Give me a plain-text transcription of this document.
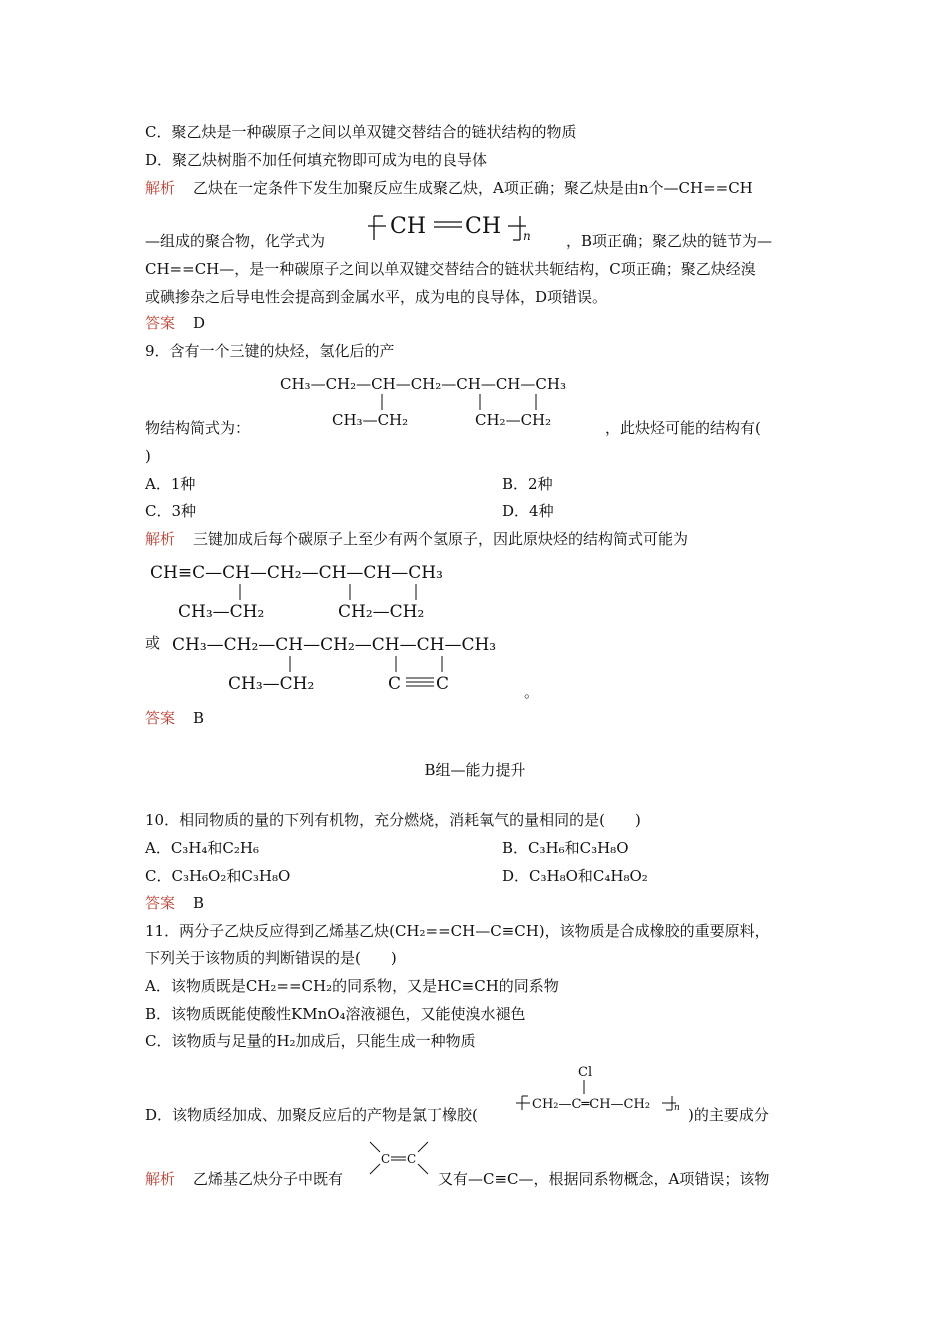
C．聚乙炔是一种碳原子之间以单双键交替结合的链状结构的物质
D．聚乙炔树脂不加任何填充物即可成为电的良导体
解析 乙炔在一定条件下发生加聚反应生成聚乙炔，A项正确；聚乙炔是由n个—CH==CH
—组成的聚合物，化学式为
CH CH n ，B项正确；聚乙炔的链节为—
CH==CH—，是一种碳原子之间以单双键交替结合的链状共轭结构，C项正确；聚乙炔经溴
或碘掺杂之后导电性会提高到金属水平，成为电的良导体，D项错误。
答案 D
9．含有一个三键的炔烃，氢化后的产
CH₃—CH₂—CH—CH₂—CH—CH—CH₃
CH₃—CH₂	CH₂—CH₂
物结构简式为：	，此炔烃可能的结构有(
)
A．1种	B．2种
C．3种	D．4种
解析 三键加成后每个碳原子上至少有两个氢原子，因此原炔烃的结构简式可能为
CH≡C—CH—CH₂—CH—CH—CH₃
CH₃—CH₂	CH₂—CH₂
或 CH₃—CH₂—CH—CH₂—CH—CH—CH₃
CH₃—CH₂	C C	。
答案 B
B组—能力提升
10．相同物质的量的下列有机物，充分燃烧，消耗氧气的量相同的是(　　)
A．C₃H₄和C₂H₆	B．C₃H₆和C₃H₈O
C．C₃H₆O₂和C₃H₈O	D．C₃H₈O和C₄H₈O₂
答案 B
11．两分子乙炔反应得到乙烯基乙炔(CH₂==CH—C≡CH)，该物质是合成橡胶的重要原料，
下列关于该物质的判断错误的是(　　)
A．该物质既是CH₂==CH₂的同系物，又是HC≡CH的同系物
B．该物质既能使酸性KMnO₄溶液褪色，又能使溴水褪色
C．该物质与足量的H₂加成后，只能生成一种物质
Cl
CH₂—C═CH—CH₂	n
D．该物质经加成、加聚反应后的产物是氯丁橡胶(	)的主要成分
C C
解析 乙烯基乙炔分子中既有	又有—C≡C—，根据同系物概念，A项错误；该物
